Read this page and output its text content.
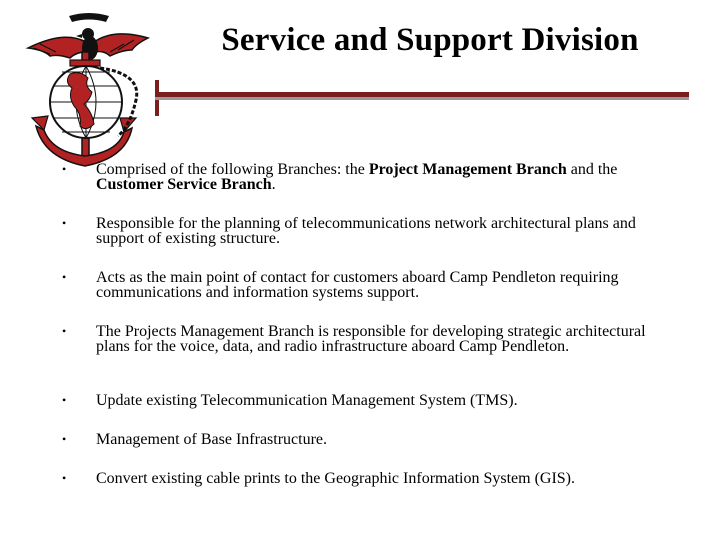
Service and Support Division
• Comprised of the following Branches: the Project Management Branch and the Customer Service Branch.
• Responsible for the planning of telecommunications network architectural plans and support of existing structure.
• Acts as the main point of contact for customers aboard Camp Pendleton requiring communications and information systems support.
• The Projects Management Branch is responsible for developing strategic architectural plans for the voice, data, and radio infrastructure aboard Camp Pendleton.
• Update existing Telecommunication Management System (TMS).
• Management of Base Infrastructure.
• Convert existing cable prints to the Geographic Information System (GIS).
